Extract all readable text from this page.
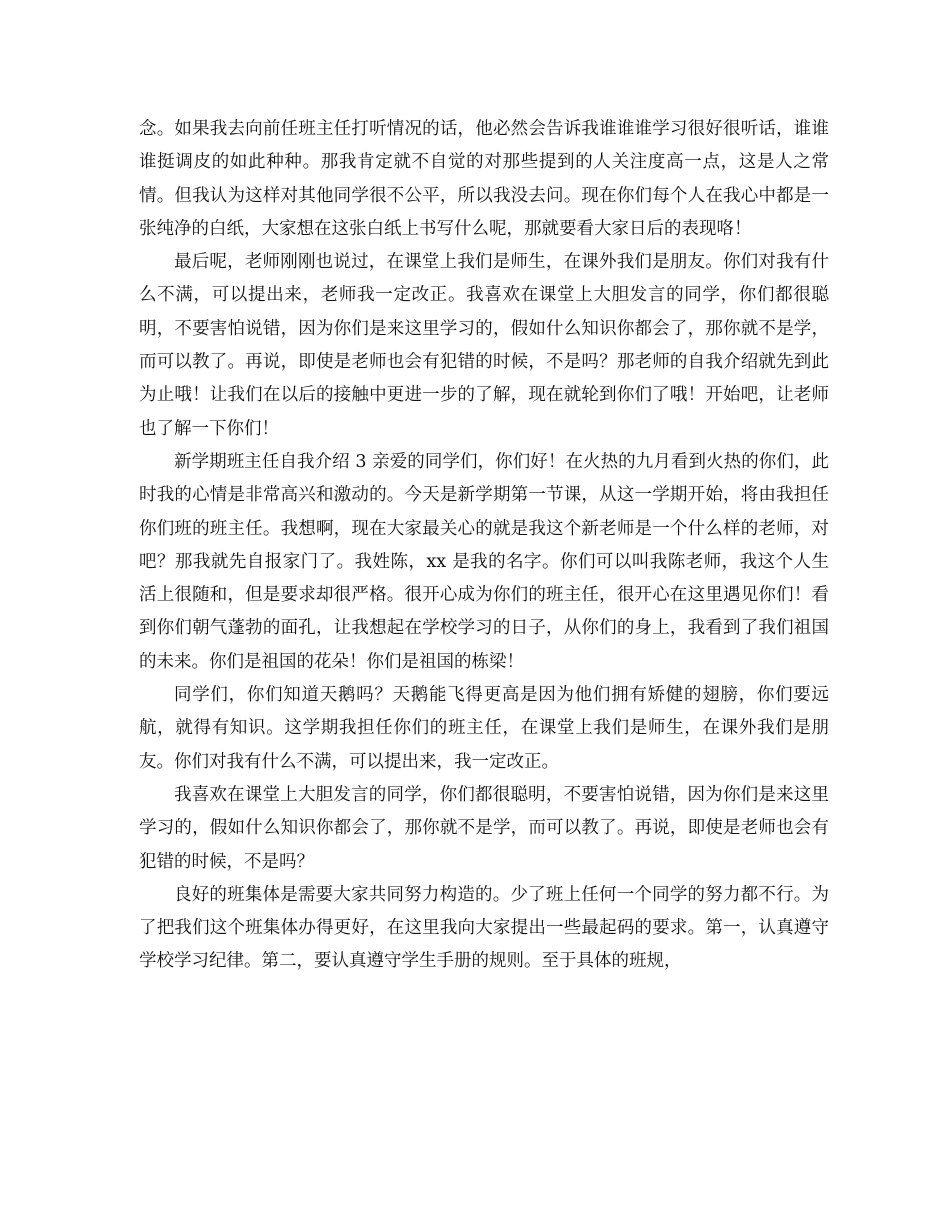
念。如果我去向前任班主任打听情况的话，他必然会告诉我谁谁谁学习很好很听话，谁谁谁挺调皮的如此种种。那我肯定就不自觉的对那些提到的人关注度高一点，这是人之常情。但我认为这样对其他同学很不公平，所以我没去问。现在你们每个人在我心中都是一张纯净的白纸，大家想在这张白纸上书写什么呢，那就要看大家日后的表现咯！

最后呢，老师刚刚也说过，在课堂上我们是师生，在课外我们是朋友。你们对我有什么不满，可以提出来，老师我一定改正。我喜欢在课堂上大胆发言的同学，你们都很聪明，不要害怕说错，因为你们是来这里学习的，假如什么知识你都会了，那你就不是学，而可以教了。再说，即使是老师也会有犯错的时候，不是吗？那老师的自我介绍就先到此为止哦！让我们在以后的接触中更进一步的了解，现在就轮到你们了哦！开始吧，让老师也了解一下你们！

新学期班主任自我介绍 3 亲爱的同学们，你们好！在火热的九月看到火热的你们，此时我的心情是非常高兴和激动的。今天是新学期第一节课，从这一学期开始，将由我担任你们班的班主任。我想啊，现在大家最关心的就是我这个新老师是一个什么样的老师，对吧？那我就先自报家门了。我姓陈，xx 是我的名字。你们可以叫我陈老师，我这个人生活上很随和，但是要求却很严格。很开心成为你们的班主任，很开心在这里遇见你们！看到你们朝气蓬勃的面孔，让我想起在学校学习的日子，从你们的身上，我看到了我们祖国的未来。你们是祖国的花朵！你们是祖国的栋梁！

同学们，你们知道天鹅吗？天鹅能飞得更高是因为他们拥有矫健的翅膀，你们要远航，就得有知识。这学期我担任你们的班主任，在课堂上我们是师生，在课外我们是朋友。你们对我有什么不满，可以提出来，我一定改正。

我喜欢在课堂上大胆发言的同学，你们都很聪明，不要害怕说错，因为你们是来这里学习的，假如什么知识你都会了，那你就不是学，而可以教了。再说，即使是老师也会有犯错的时候，不是吗？

良好的班集体是需要大家共同努力构造的。少了班上任何一个同学的努力都不行。为了把我们这个班集体办得更好，在这里我向大家提出一些最起码的要求。第一，认真遵守学校学习纪律。第二，要认真遵守学生手册的规则。至于具体的班规，
